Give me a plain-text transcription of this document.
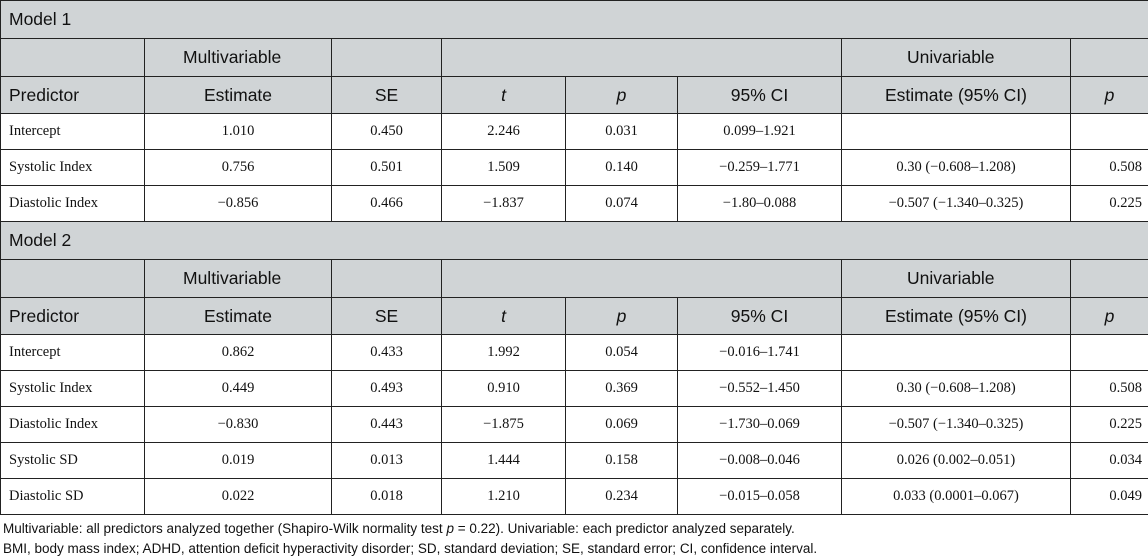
Model 1							
	Multivariable					Univariable	
Predictor	Estimate	SE	t	p	95% CI	Estimate (95% CI)	p
Intercept	1.010	0.450	2.246	0.031	0.099–1.921		
Systolic Index	0.756	0.501	1.509	0.140	−0.259–1.771	0.30 (−0.608–1.208)	0.508
Diastolic Index	−0.856	0.466	−1.837	0.074	−1.80–0.088	−0.507 (−1.340–0.325)	0.225
Model 2							
	Multivariable					Univariable	
Predictor	Estimate	SE	t	p	95% CI	Estimate (95% CI)	p
Intercept	0.862	0.433	1.992	0.054	−0.016–1.741		
Systolic Index	0.449	0.493	0.910	0.369	−0.552–1.450	0.30 (−0.608–1.208)	0.508
Diastolic Index	−0.830	0.443	−1.875	0.069	−1.730–0.069	−0.507 (−1.340–0.325)	0.225
Systolic SD	0.019	0.013	1.444	0.158	−0.008–0.046	0.026 (0.002–0.051)	0.034
Diastolic SD	0.022	0.018	1.210	0.234	−0.015–0.058	0.033 (0.0001–0.067)	0.049
Multivariable: all predictors analyzed together (Shapiro-Wilk normality test p = 0.22). Univariable: each predictor analyzed separately.
BMI, body mass index; ADHD, attention deficit hyperactivity disorder; SD, standard deviation; SE, standard error; CI, confidence interval.
